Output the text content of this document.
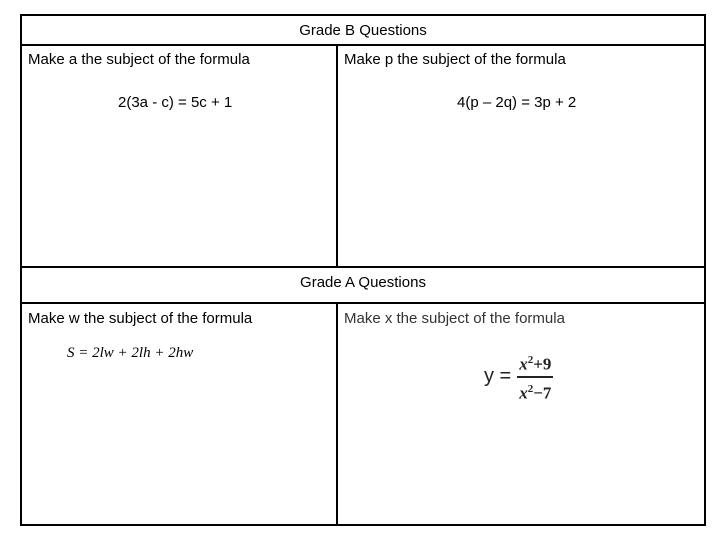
Grade B Questions
Make a the subject of the formula
2(3a - c) = 5c + 1
Make p the subject of the formula
4(p – 2q) = 3p + 2
Grade A Questions
Make w the subject of the formula
S = 2lw + 2lh + 2hw
Make x the subject of the formula
$y = \frac{x^2+9}{x^2-7}$
